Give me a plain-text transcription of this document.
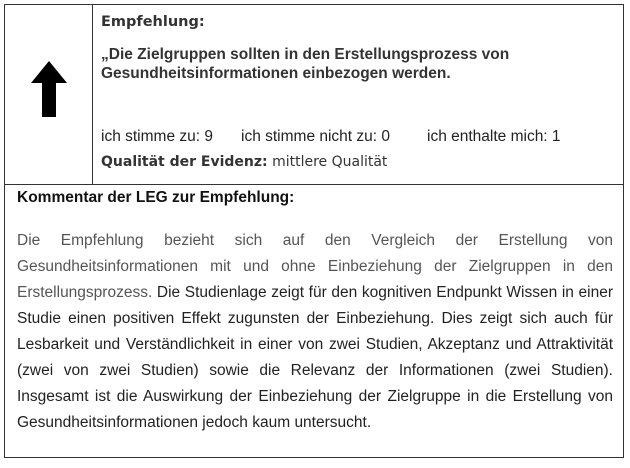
Empfehlung:
„Die Zielgruppen sollten in den Erstellungsprozess von Gesundheitsinformationen einbezogen werden.
ich stimme zu: 9 ich stimme nicht zu: 0 ich enthalte mich: 1
Qualität der Evidenz: mittlere Qualität
Kommentar der LEG zur Empfehlung:

Die Empfehlung bezieht sich auf den Vergleich der Erstellung von Gesundheitsinformationen mit und ohne Einbeziehung der Zielgruppen in den Erstellungsprozess. Die Studienlage zeigt für den kognitiven Endpunkt Wissen in einer Studie einen positiven Effekt zugunsten der Einbeziehung. Dies zeigt sich auch für Lesbarkeit und Verständlichkeit in einer von zwei Studien, Akzeptanz und Attraktivität (zwei von zwei Studien) sowie die Relevanz der Informationen (zwei Studien). Insgesamt ist die Auswirkung der Einbeziehung der Zielgruppe in die Erstellung von Gesundheitsinformationen jedoch kaum untersucht.
